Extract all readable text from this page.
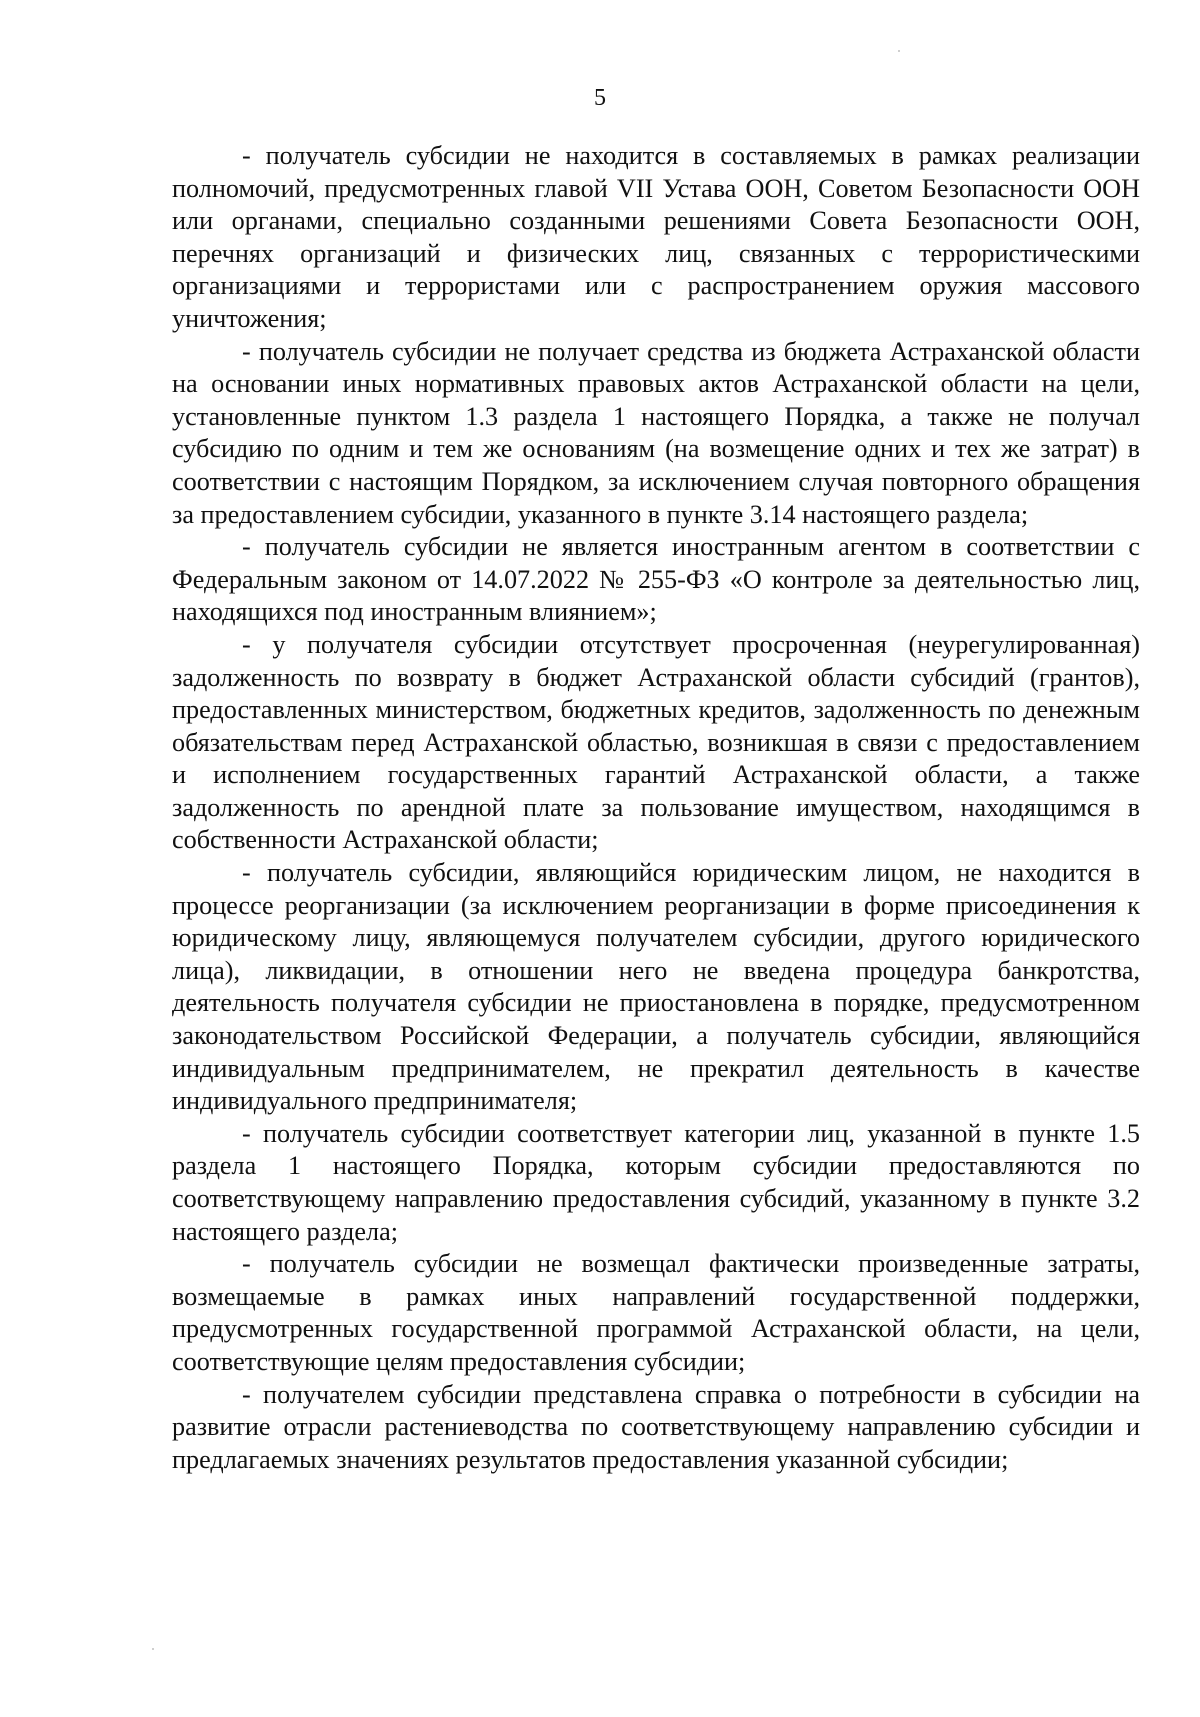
5

- получатель субсидии не находится в составляемых в рамках реализации полномочий, предусмотренных главой VII Устава ООН, Советом Безопасности ООН или органами, специально созданными решениями Совета Безопасности ООН, перечнях организаций и физических лиц, связанных с террористическими организациями и террористами или с распространением оружия массового уничтожения;

- получатель субсидии не получает средства из бюджета Астраханской области на основании иных нормативных правовых актов Астраханской области на цели, установленные пунктом 1.3 раздела 1 настоящего Порядка, а также не получал субсидию по одним и тем же основаниям (на возмещение одних и тех же затрат) в соответствии с настоящим Порядком, за исключением случая повторного обращения за предоставлением субсидии, указанного в пункте 3.14 настоящего раздела;

- получатель субсидии не является иностранным агентом в соответствии с Федеральным законом от 14.07.2022 № 255-ФЗ «О контроле за деятельностью лиц, находящихся под иностранным влиянием»;

- у получателя субсидии отсутствует просроченная (неурегулированная) задолженность по возврату в бюджет Астраханской области субсидий (грантов), предоставленных министерством, бюджетных кредитов, задолженность по денежным обязательствам перед Астраханской областью, возникшая в связи с предоставлением и исполнением государственных гарантий Астраханской области, а также задолженность по арендной плате за пользование имуществом, находящимся в собственности Астраханской области;

- получатель субсидии, являющийся юридическим лицом, не находится в процессе реорганизации (за исключением реорганизации в форме присоединения к юридическому лицу, являющемуся получателем субсидии, другого юридического лица), ликвидации, в отношении него не введена процедура банкротства, деятельность получателя субсидии не приостановлена в порядке, предусмотренном законодательством Российской Федерации, а получатель субсидии, являющийся индивидуальным предпринимателем, не прекратил деятельность в качестве индивидуального предпринимателя;

- получатель субсидии соответствует категории лиц, указанной в пункте 1.5 раздела 1 настоящего Порядка, которым субсидии предоставляются по соответствующему направлению предоставления субсидий, указанному в пункте 3.2 настоящего раздела;

- получатель субсидии не возмещал фактически произведенные затраты, возмещаемые в рамках иных направлений государственной поддержки, предусмотренных государственной программой Астраханской области, на цели, соответствующие целям предоставления субсидии;

- получателем субсидии представлена справка о потребности в субсидии на развитие отрасли растениеводства по соответствующему направлению субсидии и предлагаемых значениях результатов предоставления указанной субсидии;
